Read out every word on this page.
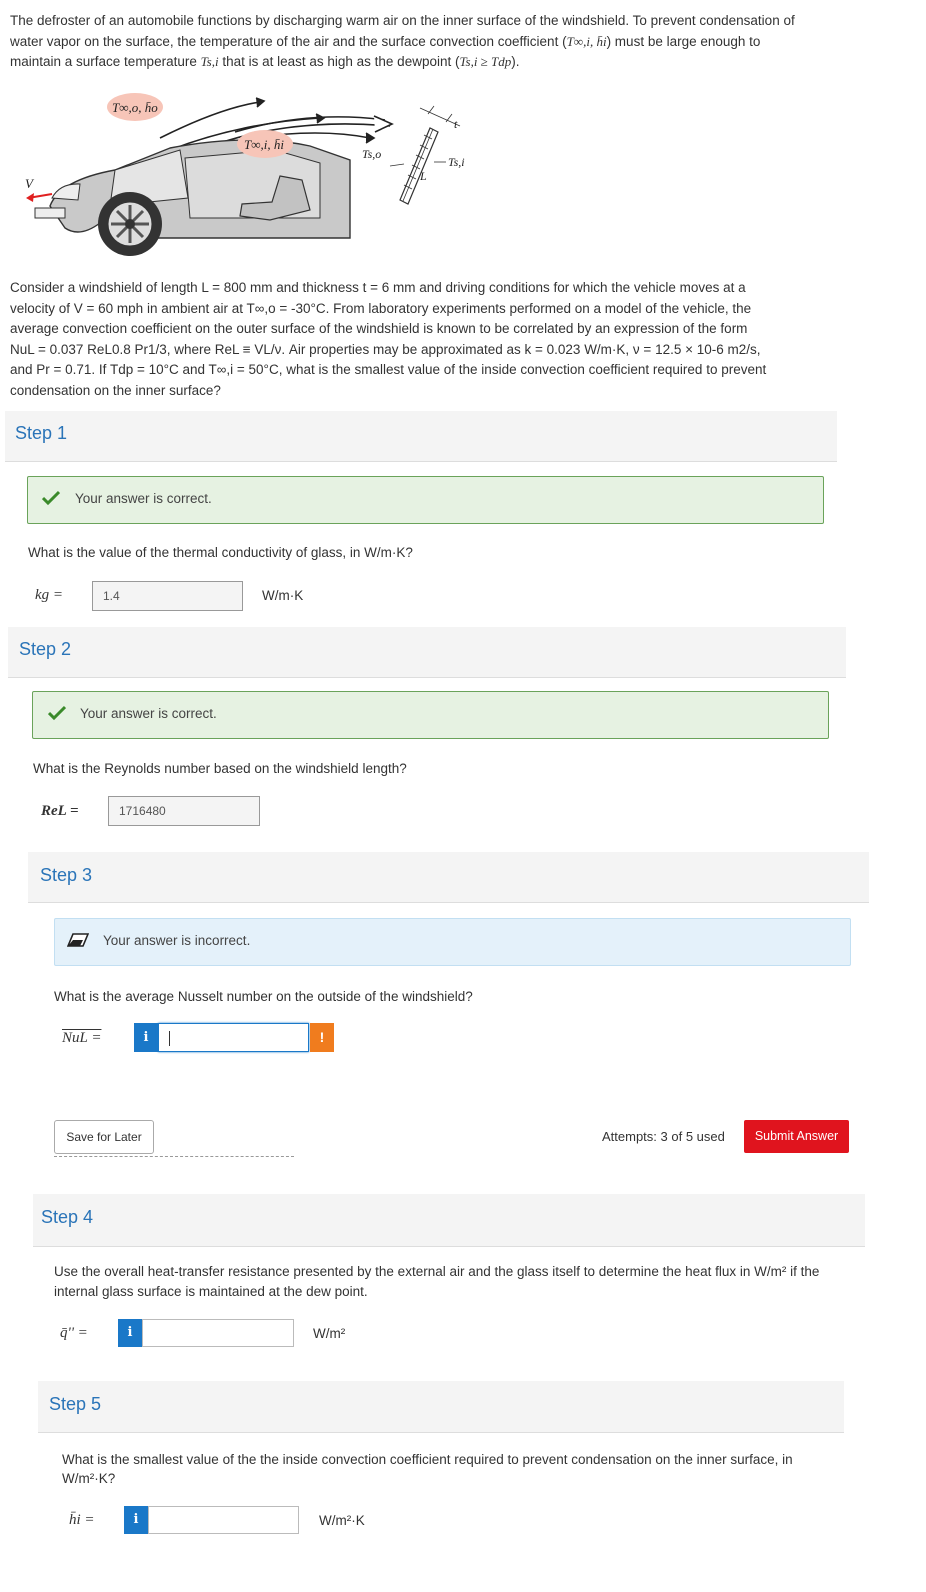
The defroster of an automobile functions by discharging warm air on the inner surface of the windshield. To prevent condensation of
water vapor on the surface, the temperature of the air and the surface convection coefficient (T∞,i, h̄i) must be large enough to
maintain a surface temperature Ts,i that is at least as high as the dewpoint (Ts,i ≥ Tdp).
T∞,o, h̄o
T∞,i, h̄i
V
t
Ts,o
Ts,i
L
Consider a windshield of length L = 800 mm and thickness t = 6 mm and driving conditions for which the vehicle moves at a
velocity of V = 60 mph in ambient air at T∞,o = -30°C. From laboratory experiments performed on a model of the vehicle, the
average convection coefficient on the outer surface of the windshield is known to be correlated by an expression of the form
NuL = 0.037 ReL0.8 Pr1/3, where ReL ≡ VL/ν. Air properties may be approximated as k = 0.023 W/m·K, ν = 12.5 × 10-6 m2/s,
and Pr = 0.71. If Tdp = 10°C and T∞,i = 50°C, what is the smallest value of the inside convection coefficient required to prevent
condensation on the inner surface?
Step 1
Your answer is correct.
What is the value of the thermal conductivity of glass, in W/m·K?
kg =	1.4	W/m·K
Step 2
Your answer is correct.
What is the Reynolds number based on the windshield length?
ReL =	1716480
Step 3
Your answer is incorrect.
What is the average Nusselt number on the outside of the windshield?
NuL =	i	!
Save for Later	Attempts: 3 of 5 used	Submit Answer
Step 4
Use the overall heat-transfer resistance presented by the external air and the glass itself to determine the heat flux in W/m² if the
internal glass surface is maintained at the dew point.
q̄'' =	i	W/m²
Step 5
What is the smallest value of the the inside convection coefficient required to prevent condensation on the inner surface, in
W/m²·K?
h̄i =	i	W/m²·K
